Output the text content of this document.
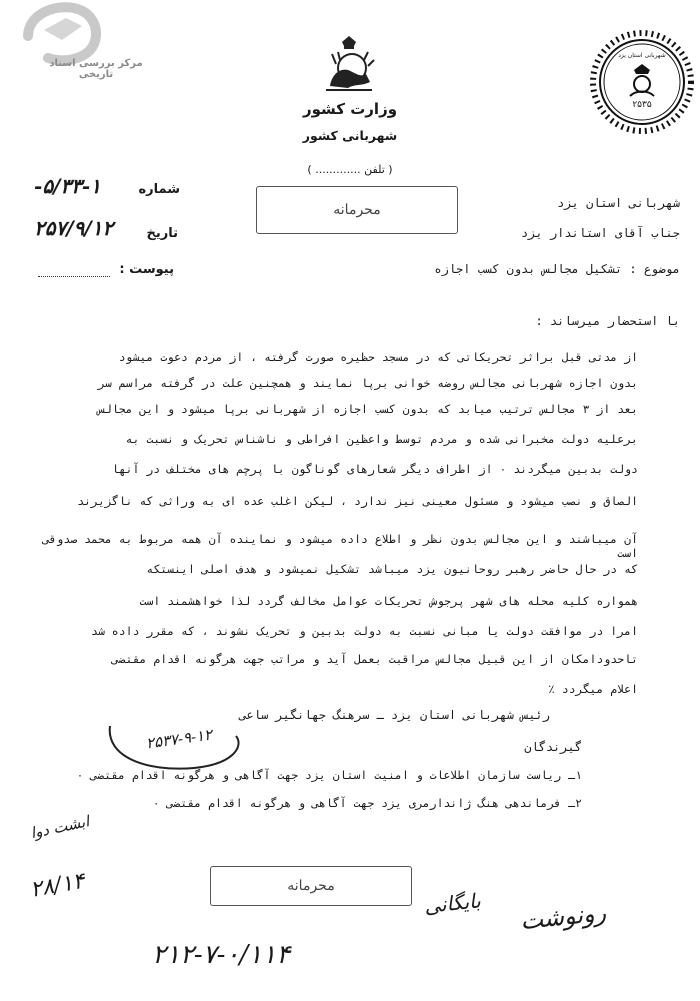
مرکز بررسی اسناد تاریخی
وزارت کشور
شهربانی کشور
( تلفن ............. )
۲۵۳۵
شهربانی استان یزد
شماره
۵/۳۳-۱-
تاریخ
۲۵۷/۹/۱۲
پیوست :
محرمانه	شهربانی استان یزد
جناب آقای استاندار یزد
موضوع : تشکیل مجالس بدون کسب اجازه
با استحضار میرساند :
از مدتی قبل براثر تحریکاتی که در مسجد حظیره صورت گرفته ، از مردم دعوت میشود
بدون اجازه شهربانی مجالس روضه خوانی برپا نمایند و همچنین علت در گرفته مراسم سر
بعد از ۳ مجالس ترتیب میابد که بدون کسب اجازه از شهربانی برپا میشود و این مجالس
برعلیه دولت مخبرانی شده و مردم توسط واعظین افراطی و ناشناس تحریک و نسبت به
دولت بدبین میگردند ۰ از اطراف دیگر شعارهای گوناگون با پرچم های مختلف در آنها
الصاق و نصب میشود و مسئول معینی نیز ندارد ، لیکن اغلب عده ای به وراثی که ناگزیرند
آن میباشند و این مجالس بدون نظر و اطلاع داده میشود و نماینده آن همه مربوط به محمد صدوقی است
که در حال حاضر رهبر روحانیون یزد میباشد تشکیل نمیشود و هدف اصلی اینستکه
همواره کلیه محله های شهر پرجوش تحریکات عوامل مخالف گردد لذا خواهشمند است
امرا در موافقت دولت یا مبانی نسبت به دولت بدبین و تحریک نشوند ، که مقرر داده شد
تاحدودامکان از این قبیل مجالس مراقبت بعمل آید و مراتب جهت هرگونه اقدام مقتضی
اعلام میگردد ٪
رئیس شهربانی استان یزد ـ سرهنگ جهانگیر ساعی
۲۵۳۷-۹-۱۲	گیرندگان
۱ـ ریاست سازمان اطلاعات و امنیت استان یزد جهت آگاهی و هرگونه اقدام مقتضی ۰
۲ـ فرماندهی هنگ ژاندارمری یزد جهت آگاهی و هرگونه اقدام مقتضی ۰
ابشت دوا
۲۸/۱۴	محرمانه
بایگانی	رونوشت
۲۱۲-۷-۰/۱۱۴
